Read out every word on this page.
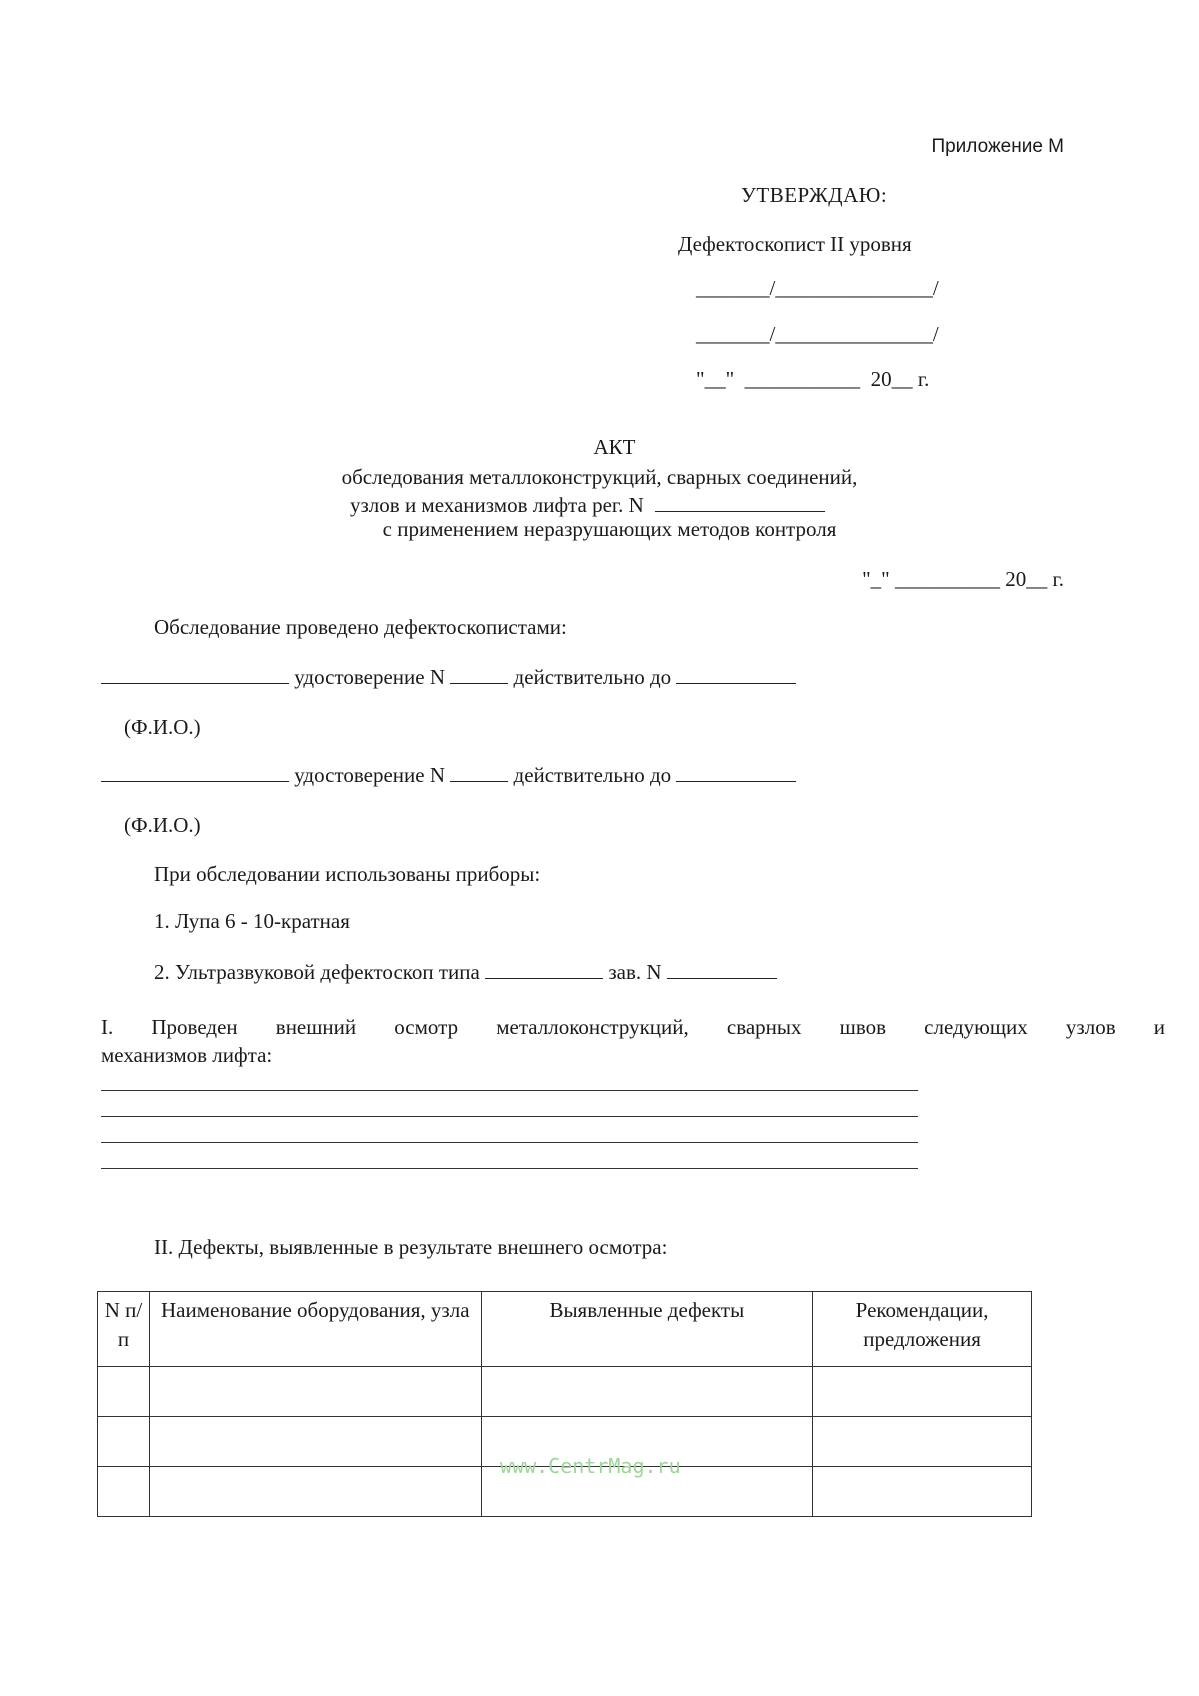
Приложение М
УТВЕРЖДАЮ:
Дефектоскопист II уровня
_______/_______________/
_______/_______________/
"__"  ___________  20__ г.
АКТ
обследования металлоконструкций, сварных соединений,
узлов и механизмов лифта рег. N
с применением неразрушающих методов контроля
"_" __________ 20__ г.
Обследование проведено дефектоскопистами:
удостоверение N	действительно до
(Ф.И.О.)
удостоверение N	действительно до
(Ф.И.О.)
При обследовании использованы приборы:
1. Лупа 6 - 10-кратная
2. Ультразвуковой дефектоскоп типа	зав. N
I. Проведен внешний осмотр металлоконструкций, сварных швов следующих узлов и
механизмов лифта:
II. Дефекты, выявленные в результате внешнего осмотра:
N п/п	Наименование оборудования, узла	Выявленные дефекты	Рекомендации, предложения

www.CentrMag.ru
